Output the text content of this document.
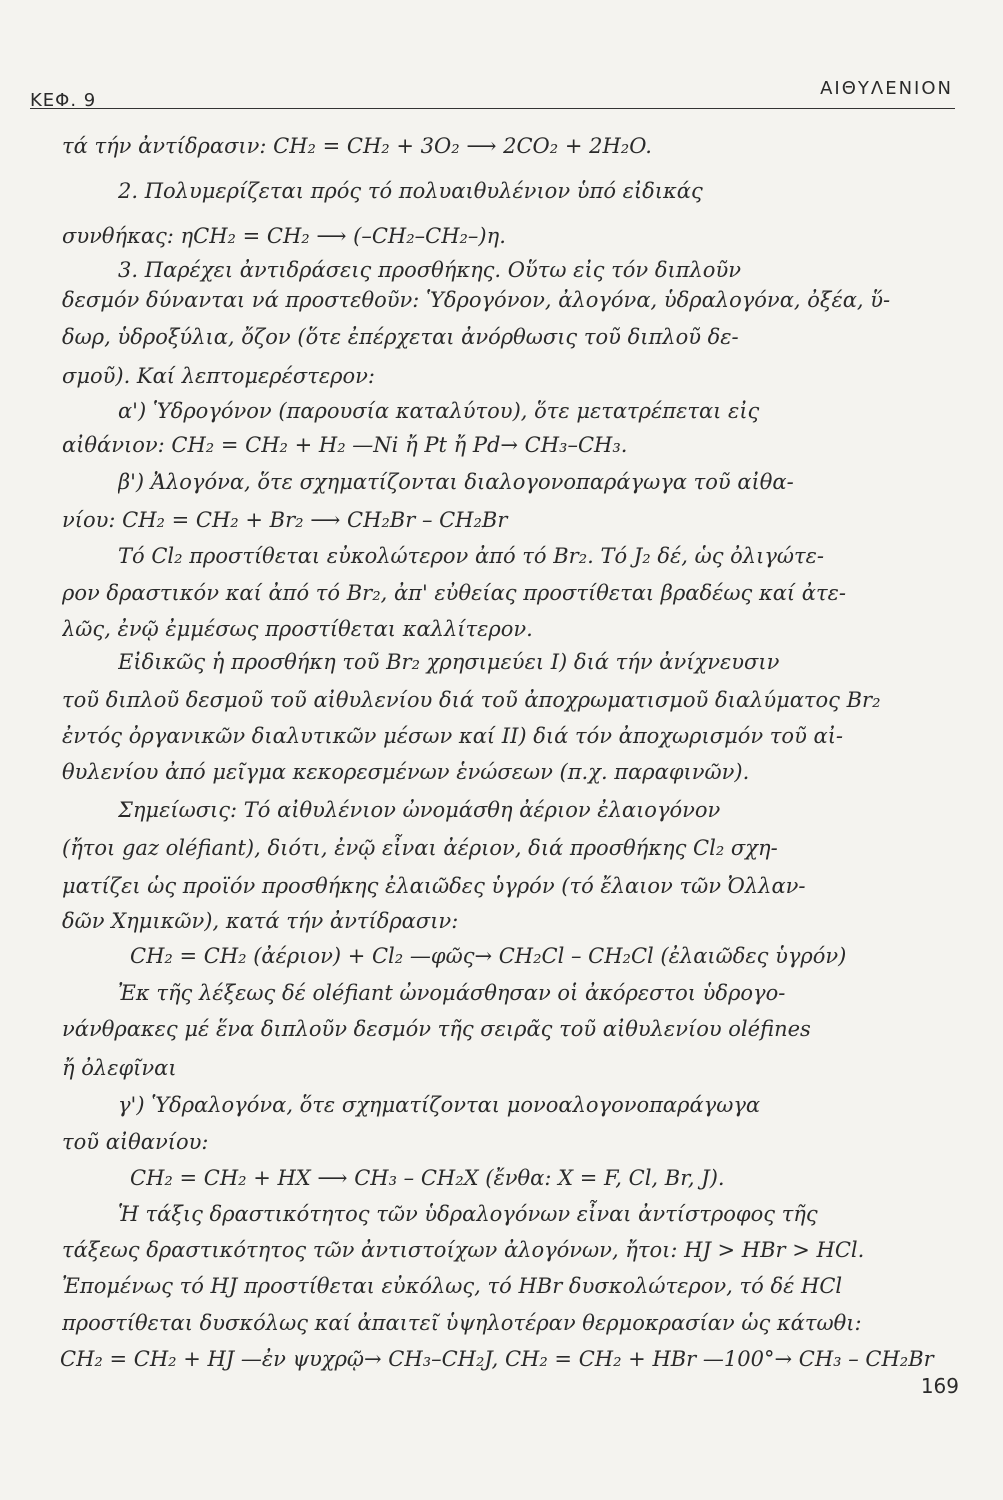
ΚΕΦ. 9
ΑΙΘΥΛΕΝΙΟΝ
τά τήν ἀντίδρασιν: CH₂ = CH₂ + 3O₂ ⟶ 2CO₂ + 2H₂O.
2. Πολυμερίζεται πρός τό πολυαιθυλένιον ὑπό εἰδικάς
συνθήκας: ηCH₂ = CH₂ ⟶ (–CH₂–CH₂–)η.
3. Παρέχει ἀντιδράσεις προσθήκης. Οὕτω εἰς τόν διπλοῦν
δεσμόν δύνανται νά προστεθοῦν: Ὑδρογόνον, ἀλογόνα, ὑδραλογόνα, ὀξέα, ὕ-
δωρ, ὑδροξύλια, ὄζον (ὅτε ἐπέρχεται ἀνόρθωσις τοῦ διπλοῦ δε-
σμοῦ). Καί λεπτομερέστερον:
α') Ὑδρογόνον (παρουσία καταλύτου), ὅτε μετατρέπεται εἰς
αἰθάνιον: CH₂ = CH₂ + H₂ —Ni ἤ Pt ἤ Pd→ CH₃–CH₃.
β') Ἀλογόνα, ὅτε σχηματίζονται διαλογονοπαράγωγα τοῦ αἰθα-
νίου: CH₂ = CH₂ + Br₂ ⟶ CH₂Br – CH₂Br
Τό Cl₂ προστίθεται εὐκολώτερον ἀπό τό Br₂. Τό J₂ δέ, ὡς ὀλιγώτε-
ρον δραστικόν καί ἀπό τό Br₂, ἀπ' εὐθείας προστίθεται βραδέως καί ἀτε-
λῶς, ἐνῷ ἐμμέσως προστίθεται καλλίτερον.
Εἰδικῶς ἡ προσθήκη τοῦ Br₂ χρησιμεύει I) διά τήν ἀνίχνευσιν
τοῦ διπλοῦ δεσμοῦ τοῦ αἰθυλενίου διά τοῦ ἀποχρωματισμοῦ διαλύματος Br₂
ἐντός ὀργανικῶν διαλυτικῶν μέσων καί II) διά τόν ἀποχωρισμόν τοῦ αἰ-
θυλενίου ἀπό μεῖγμα κεκορεσμένων ἑνώσεων (π.χ. παραφινῶν).
Σημείωσις: Τό αἰθυλένιον ὠνομάσθη ἀέριον ἐλαιογόνον
(ἤτοι gaz oléfiant), διότι, ἐνῷ εἶναι ἀέριον, διά προσθήκης Cl₂ σχη-
ματίζει ὡς προϊόν προσθήκης ἐλαιῶδες ὑγρόν (τό ἔλαιον τῶν Ὀλλαν-
δῶν Χημικῶν), κατά τήν ἀντίδρασιν:
CH₂ = CH₂ (ἀέριον) + Cl₂ —φῶς→ CH₂Cl – CH₂Cl (ἐλαιῶδες ὑγρόν)
Ἐκ τῆς λέξεως δέ oléfiant ὠνομάσθησαν οἱ ἀκόρεστοι ὑδρογο-
νάνθρακες μέ ἕνα διπλοῦν δεσμόν τῆς σειρᾶς τοῦ αἰθυλενίου oléfines
ἤ ὀλεφῖναι
γ') Ὑδραλογόνα, ὅτε σχηματίζονται μονοαλογονοπαράγωγα
τοῦ αἰθανίου:
CH₂ = CH₂ + HX ⟶ CH₃ – CH₂X (ἔνθα: X = F, Cl, Br, J).
Ἡ τάξις δραστικότητος τῶν ὑδραλογόνων εἶναι ἀντίστροφος τῆς
τάξεως δραστικότητος τῶν ἀντιστοίχων ἀλογόνων, ἤτοι: HJ > HBr > HCl.
Ἐπομένως τό HJ προστίθεται εὐκόλως, τό HBr δυσκολώτερον, τό δέ HCl
προστίθεται δυσκόλως καί ἀπαιτεῖ ὑψηλοτέραν θερμοκρασίαν ὡς κάτωθι:
CH₂ = CH₂ + HJ —ἐν ψυχρῷ→ CH₃–CH₂J, CH₂ = CH₂ + HBr —100°→ CH₃ – CH₂Br
169
